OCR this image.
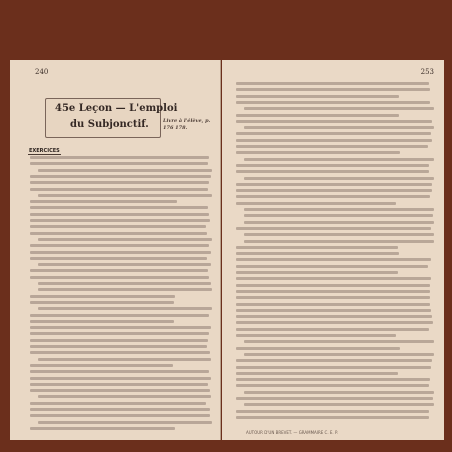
240
45e Leçon — L'emploi
du Subjonctif.	Livre à l'élève, p. 176 178.
EXERCICES
253
AUTOUR D'UN BREVET. — GRAMMAIRE C. E. P.
